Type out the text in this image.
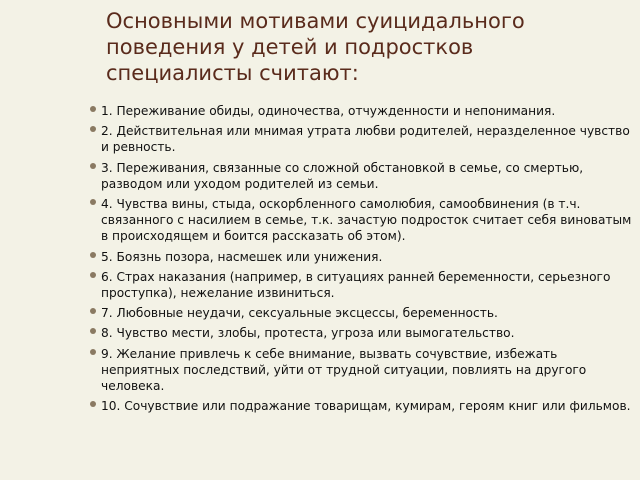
Основными мотивами суицидального поведения у детей и подростков специалисты считают:
1. Переживание обиды, одиночества, отчужденности и непонимания.
2. Действительная или мнимая утрата любви родителей, неразделенное чувство и ревность.
3. Переживания, связанные со сложной обстановкой в семье, со смертью, разводом или уходом родителей из семьи.
4. Чувства вины, стыда, оскорбленного самолюбия, самообвинения (в т.ч. связанного с насилием в семье, т.к. зачастую подросток считает себя виноватым в происходящем и боится рассказать об этом).
5. Боязнь позора, насмешек или унижения.
6. Страх наказания (например, в ситуациях ранней беременности, серьезного проступка), нежелание извиниться.
7. Любовные неудачи, сексуальные эксцессы, беременность.
8. Чувство мести, злобы, протеста, угроза или вымогательство.
9. Желание привлечь к себе внимание, вызвать сочувствие, избежать неприятных последствий, уйти от трудной ситуации, повлиять на другого человека.
10. Сочувствие или подражание товарищам, кумирам, героям книг или фильмов.
